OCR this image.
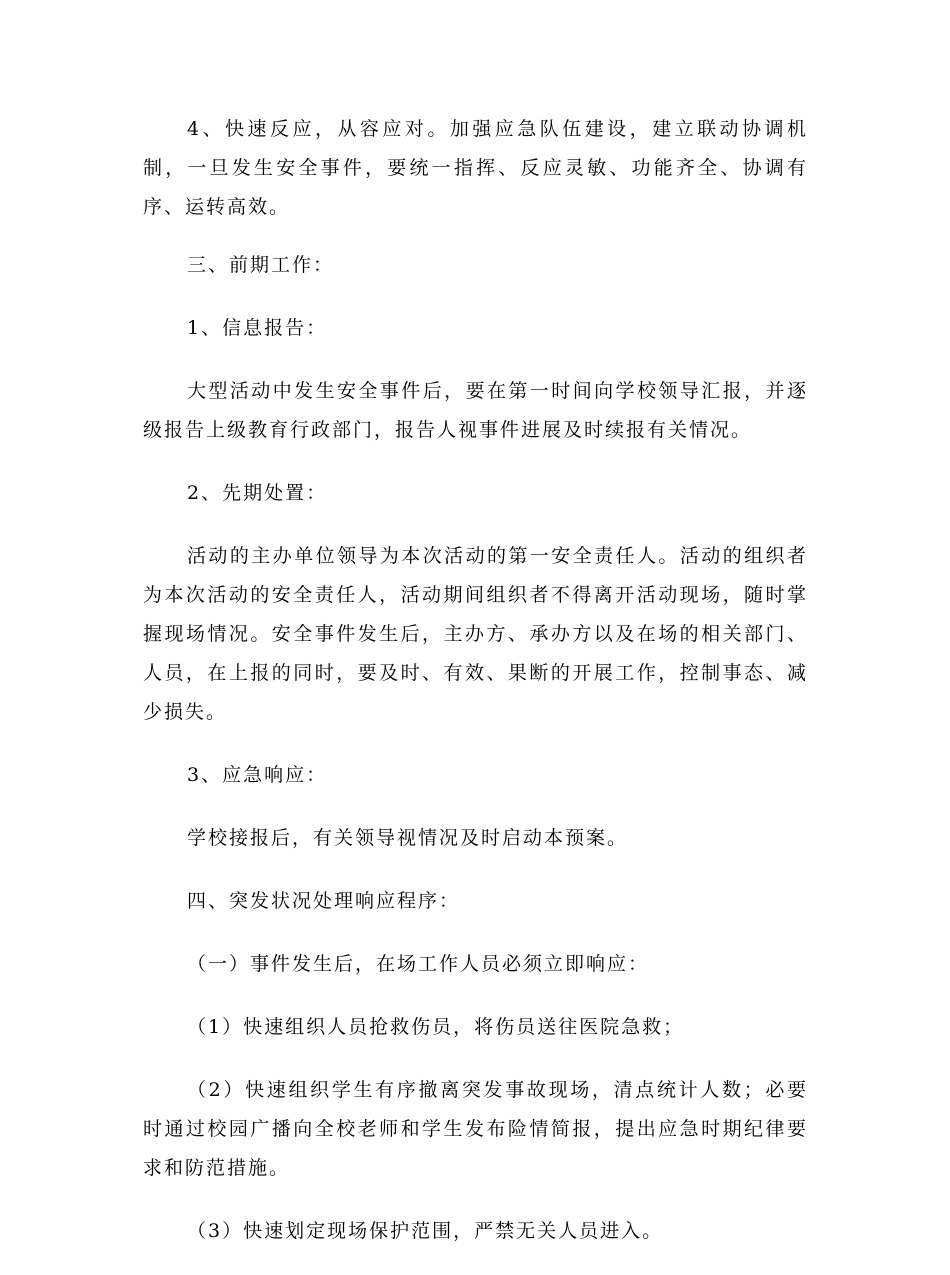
4、快速反应，从容应对。加强应急队伍建设，建立联动协调机制，一旦发生安全事件，要统一指挥、反应灵敏、功能齐全、协调有序、运转高效。

三、前期工作：

1、信息报告：

大型活动中发生安全事件后，要在第一时间向学校领导汇报，并逐级报告上级教育行政部门，报告人视事件进展及时续报有关情况。

2、先期处置：

活动的主办单位领导为本次活动的第一安全责任人。活动的组织者为本次活动的安全责任人，活动期间组织者不得离开活动现场，随时掌握现场情况。安全事件发生后，主办方、承办方以及在场的相关部门、人员，在上报的同时，要及时、有效、果断的开展工作，控制事态、减少损失。

3、应急响应：

学校接报后，有关领导视情况及时启动本预案。

四、突发状况处理响应程序：

（一）事件发生后，在场工作人员必须立即响应：

（1）快速组织人员抢救伤员，将伤员送往医院急救；

（2）快速组织学生有序撤离突发事故现场，清点统计人数；必要时通过校园广播向全校老师和学生发布险情简报，提出应急时期纪律要求和防范措施。

（3）快速划定现场保护范围，严禁无关人员进入。
